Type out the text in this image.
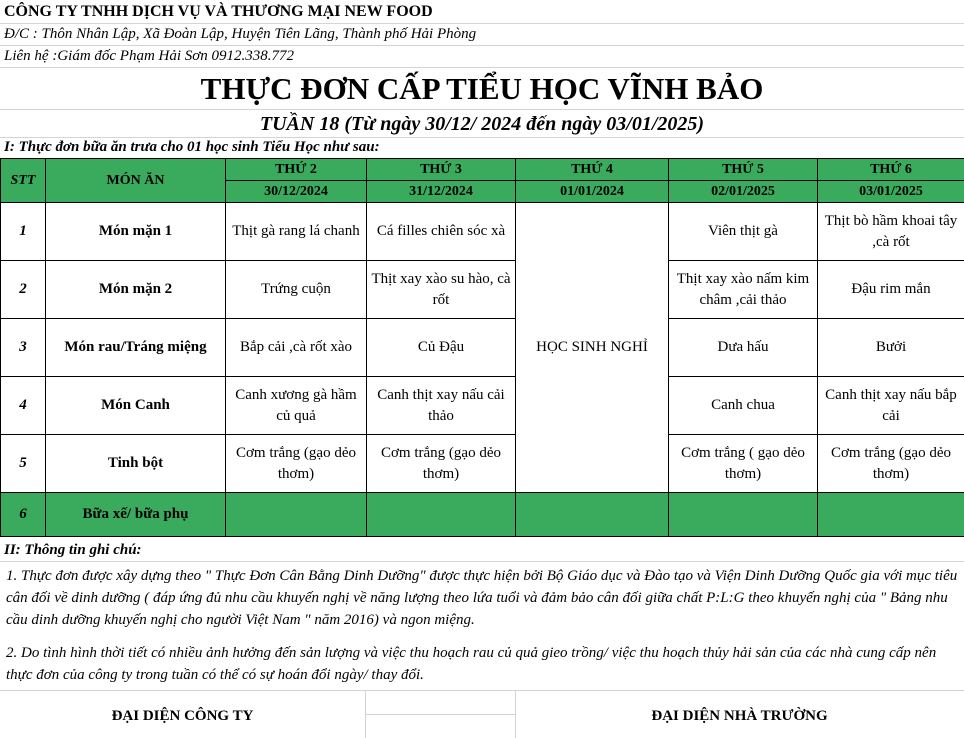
CÔNG TY TNHH DỊCH VỤ VÀ THƯƠNG MẠI NEW FOOD
Đ/C : Thôn Nhân Lập, Xã Đoàn Lập, Huyện Tiên Lãng, Thành phố Hải Phòng
Liên hệ :Giám đốc Phạm Hải Sơn 0912.338.772
THỰC ĐƠN CẤP TIỂU HỌC VĨNH BẢO
TUẦN 18 (Từ ngày 30/12/ 2024 đến ngày 03/01/2025)
I: Thực đơn bữa ăn trưa cho 01 học sinh Tiểu Học như sau:
STT	MÓN ĂN	THỨ 2	THỨ 3	THỨ 4	THỨ 5	THỨ 6
		30/12/2024	31/12/2024	01/01/2024	02/01/2025	03/01/2025
1	Món mặn 1	Thịt gà rang lá chanh	Cá filles chiên sóc xà	HỌC SINH NGHỈ	Viên thịt gà	Thịt bò hầm khoai tây ,cà rốt
2	Món mặn 2	Trứng cuộn	Thịt xay xào su hào, cà rốt		Thịt xay xào nấm kim châm ,cải thảo	Đậu rim mắn
3	Món rau/Tráng miệng	Bắp cải ,cà rốt xào	Củ Đậu		Dưa hấu	Bưởi
4	Món Canh	Canh xương gà hầm củ quả	Canh thịt xay nấu cải thảo		Canh chua	Canh thịt xay nấu bắp cải
5	Tinh bột	Cơm trắng (gạo dẻo thơm)	Cơm trắng (gạo dẻo thơm)		Cơm trắng ( gạo dẻo thơm)	Cơm trắng (gạo dẻo thơm)
6	Bữa xế/ bữa phụ					
II: Thông tin ghi chú:
1. Thực đơn được xây dựng theo " Thực Đơn Cân Bằng Dinh Dưỡng" được thực hiện bởi Bộ Giáo dục và Đào tạo và Viện Dinh Dưỡng Quốc gia với mục tiêu cân đối về dinh dưỡng ( đáp ứng đủ nhu cầu khuyến nghị về năng lượng theo lứa tuổi và đảm bảo cân đối giữa chất P:L:G theo khuyến nghị của " Bảng nhu cầu dinh dưỡng khuyến nghị cho người Việt Nam " năm 2016) và ngon miệng.
2. Do tình hình thời tiết có nhiều ảnh hưởng đến sản lượng và việc thu hoạch rau củ quả gieo trồng/ việc thu hoạch thủy hải sản của các nhà cung cấp nên thực đơn của công ty trong tuần có thể có sự hoán đổi ngày/ thay đổi.
ĐẠI DIỆN CÔNG TY	ĐẠI DIỆN NHÀ TRƯỜNG
